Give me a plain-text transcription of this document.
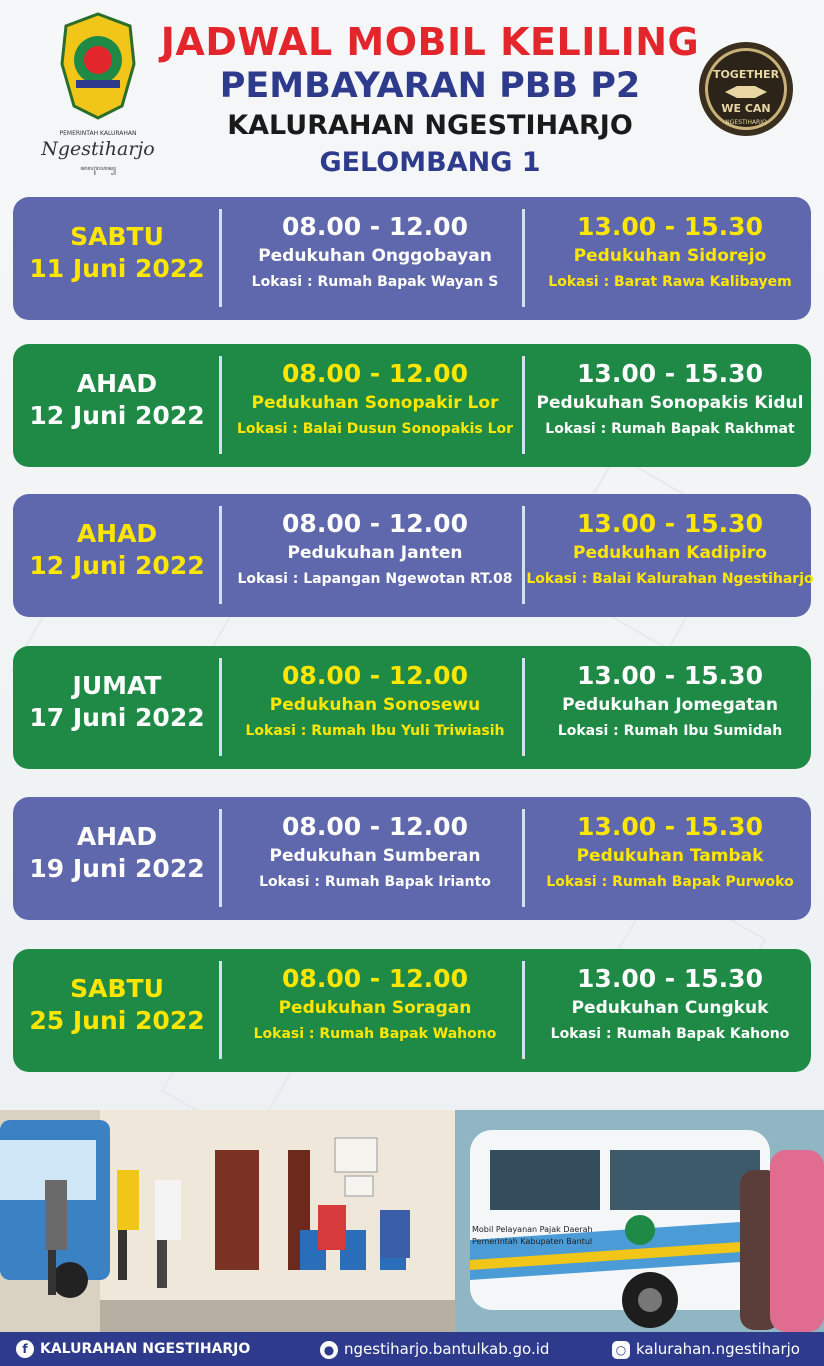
PEMERINTAH KALURAHAN
Ngestiharjo
ꦏꦭꦸꦫꦲꦤ꧀
JADWAL MOBIL KELILING
PEMBAYARAN PBB P2
KALURAHAN NGESTIHARJO
GELOMBANG 1
TOGETHER
WE CAN
NGESTIHARJO
SABTU
11 Juni 2022
08.00 - 12.00
Pedukuhan Onggobayan
Lokasi : Rumah Bapak Wayan S
13.00 - 15.30
Pedukuhan Sidorejo
Lokasi : Barat Rawa Kalibayem
AHAD
12 Juni 2022
08.00 - 12.00
Pedukuhan Sonopakir Lor
Lokasi : Balai Dusun Sonopakis Lor
13.00 - 15.30
Pedukuhan Sonopakis Kidul
Lokasi : Rumah Bapak Rakhmat
AHAD
12 Juni 2022
08.00 - 12.00
Pedukuhan Janten
Lokasi : Lapangan Ngewotan RT.08
13.00 - 15.30
Pedukuhan Kadipiro
Lokasi : Balai Kalurahan Ngestiharjo
JUMAT
17 Juni 2022
08.00 - 12.00
Pedukuhan Sonosewu
Lokasi : Rumah Ibu Yuli Triwiasih
13.00 - 15.30
Pedukuhan Jomegatan
Lokasi : Rumah Ibu Sumidah
AHAD
19 Juni 2022
08.00 - 12.00
Pedukuhan Sumberan
Lokasi : Rumah Bapak Irianto
13.00 - 15.30
Pedukuhan Tambak
Lokasi : Rumah Bapak Purwoko
SABTU
25 Juni 2022
08.00 - 12.00
Pedukuhan Soragan
Lokasi : Rumah Bapak Wahono
13.00 - 15.30
Pedukuhan Cungkuk
Lokasi : Rumah Bapak Kahono
Mobil Pelayanan Pajak Daerah
Pemerintah Kabupaten Bantul
f KALURAHAN NGESTIHARJO	● ngestiharjo.bantulkab.go.id	○ kalurahan.ngestiharjo
